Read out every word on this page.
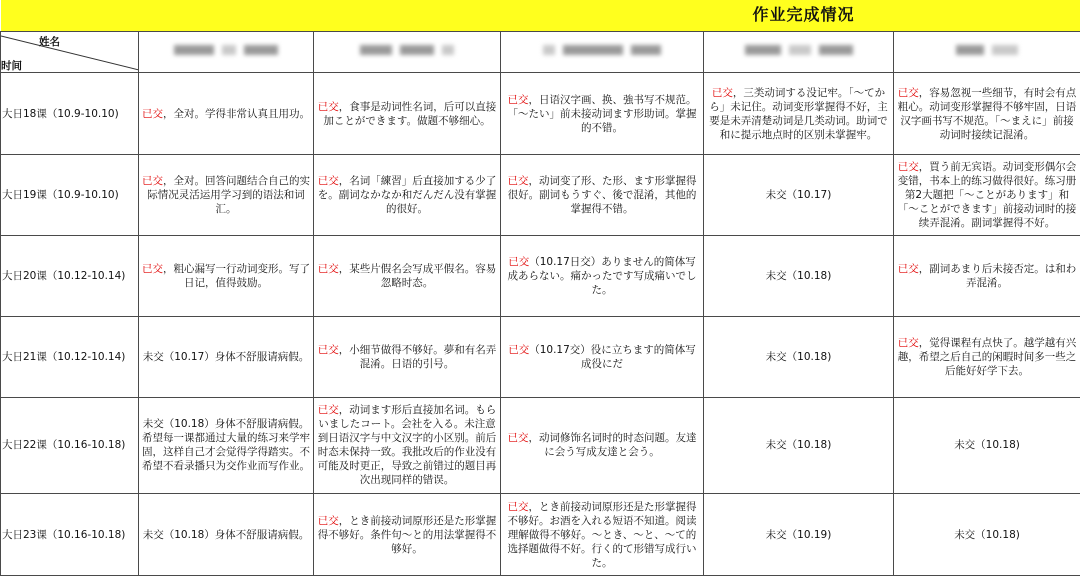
作业完成情况					

姓名
时间					

大日18课（10.9-10.10)	已交，全对。学得非常认真且用功。	已交，食事是动词性名词，后可以直接加ことができます。做题不够细心。	已交，日语汉字画、换、強书写不规范。「～たい」前未接动词ます形助词。掌握的不错。	已交，三类动词する没记牢。「～てから」未记住。动词变形掌握得不好，主要是未弄清楚动词是几类动词。助词で和に提示地点时的区别未掌握牢。	已交，容易忽视一些细节，有时会有点粗心。动词变形掌握得不够牢固，日语汉字画书写不规范。「～まえに」前接动词时接续记混淆。
大日19课（10.9-10.10)	已交，全对。回答问题结合自己的实际情况灵活运用学习到的语法和词汇。	已交，名词「練習」后直接加する少了を。副词なかなか和だんだん没有掌握的很好。	已交，动词变了形、た形、ます形掌握得很好。副词もうすぐ、後で混淆，其他的掌握得不错。	未交（10.17)	已交，買う前无宾语。动词变形偶尔会变错，书本上的练习做得很好。练习册第2大题把「～ことがあります」和「～ことができます」前接动词时的接续弄混淆。副词掌握得不好。
大日20课（10.12-10.14)	已交，粗心漏写一行动词变形。写了日记，值得鼓励。	已交，某些片假名会写成平假名。容易忽略时态。	已交（10.17日交）ありません的简体写成あらない。痛かったです写成痛いでした。	未交（10.18)	已交，副词あまり后未接否定。は和わ弄混淆。
大日21课（10.12-10.14)	未交（10.17）身体不舒服请病假。	已交，小细节做得不够好。夢和有名弄混淆。日语的引号。	已交（10.17交）役に立ちます的简体写成役にだ	未交（10.18)	已交，觉得课程有点快了。越学越有兴趣，希望之后自己的闲暇时间多一些之后能好好学下去。
大日22课（10.16-10.18)	未交（10.18）身体不舒服请病假。希望每一课都通过大量的练习来学牢固，这样自己才会觉得学得踏实。不希望不看录播只为交作业而写作业。	已交，动词ます形后直接加名词。もらいましたコート。会社を入る。未注意到日语汉字与中文汉字的小区别。前后时态未保持一致。我批改后的作业没有可能及时更正，导致之前错过的题目再次出现同样的错误。	已交，动词修饰名词时的时态问题。友達に会う写成友達と会う。	未交（10.18)	未交（10.18)
大日23课（10.16-10.18)	未交（10.18）身体不舒服请病假。	已交，とき前接动词原形还是た形掌握得不够好。条件句～と的用法掌握得不够好。	已交，とき前接动词原形还是た形掌握得不够好。お酒を入れる短语不知道。阅读理解做得不够好。～とき、～と、～て的选择题做得不好。行く的て形错写成行いた。	未交（10.19)	未交（10.18)
